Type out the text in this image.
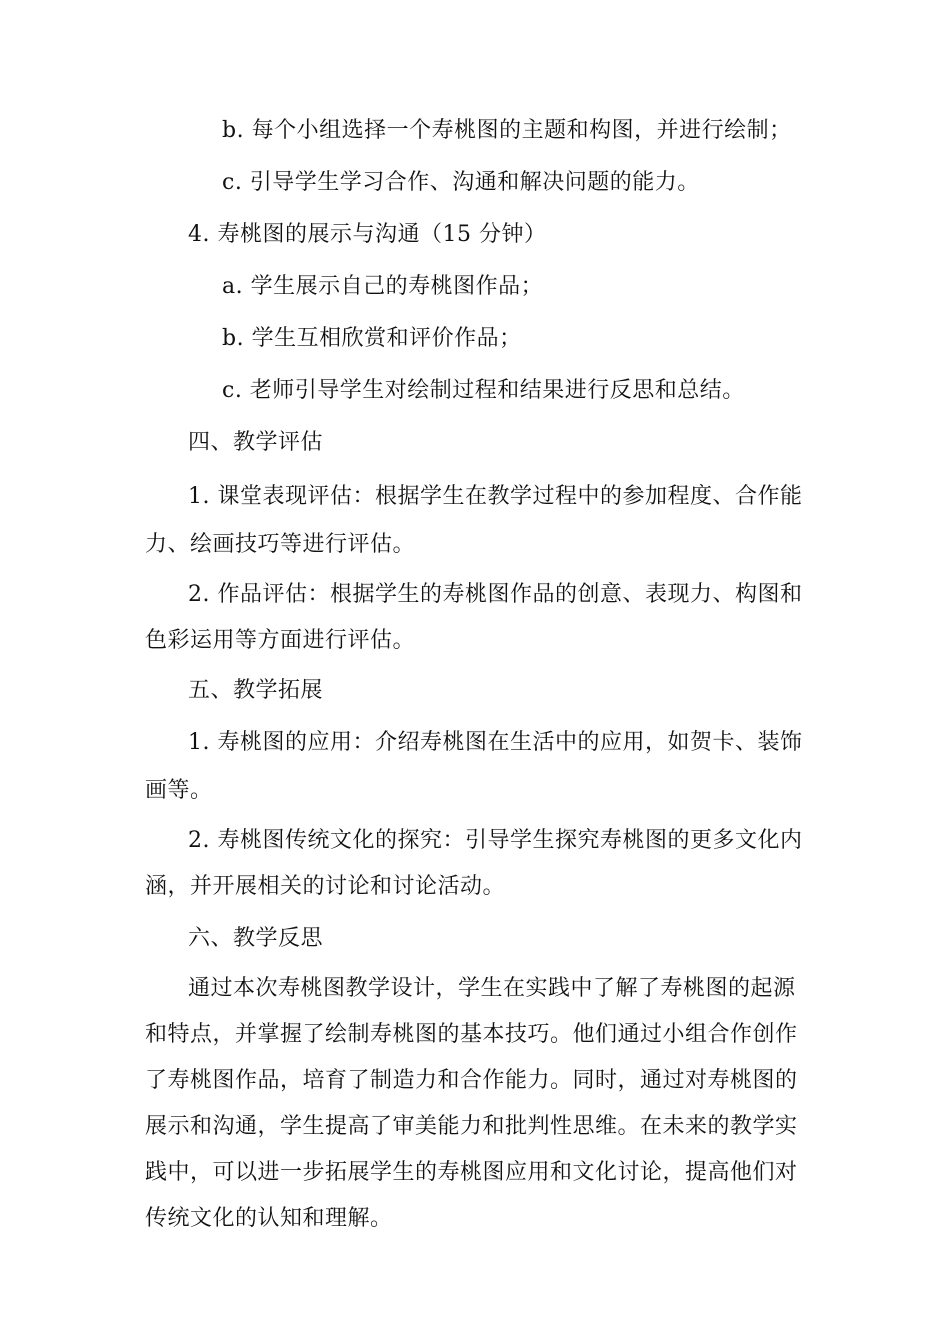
b. 每个小组选择一个寿桃图的主题和构图，并进行绘制；
c. 引导学生学习合作、沟通和解决问题的能力。
4. 寿桃图的展示与沟通（15 分钟）
a. 学生展示自己的寿桃图作品；
b. 学生互相欣赏和评价作品；
c. 老师引导学生对绘制过程和结果进行反思和总结。
四、教学评估
1. 课堂表现评估：根据学生在教学过程中的参加程度、合作能
力、绘画技巧等进行评估。
2. 作品评估：根据学生的寿桃图作品的创意、表现力、构图和
色彩运用等方面进行评估。
五、教学拓展
1. 寿桃图的应用：介绍寿桃图在生活中的应用，如贺卡、装饰
画等。
2. 寿桃图传统文化的探究：引导学生探究寿桃图的更多文化内
涵，并开展相关的讨论和讨论活动。
六、教学反思
通过本次寿桃图教学设计，学生在实践中了解了寿桃图的起源
和特点，并掌握了绘制寿桃图的基本技巧。他们通过小组合作创作
了寿桃图作品，培育了制造力和合作能力。同时，通过对寿桃图的
展示和沟通，学生提高了审美能力和批判性思维。在未来的教学实
践中，可以进一步拓展学生的寿桃图应用和文化讨论，提高他们对
传统文化的认知和理解。
